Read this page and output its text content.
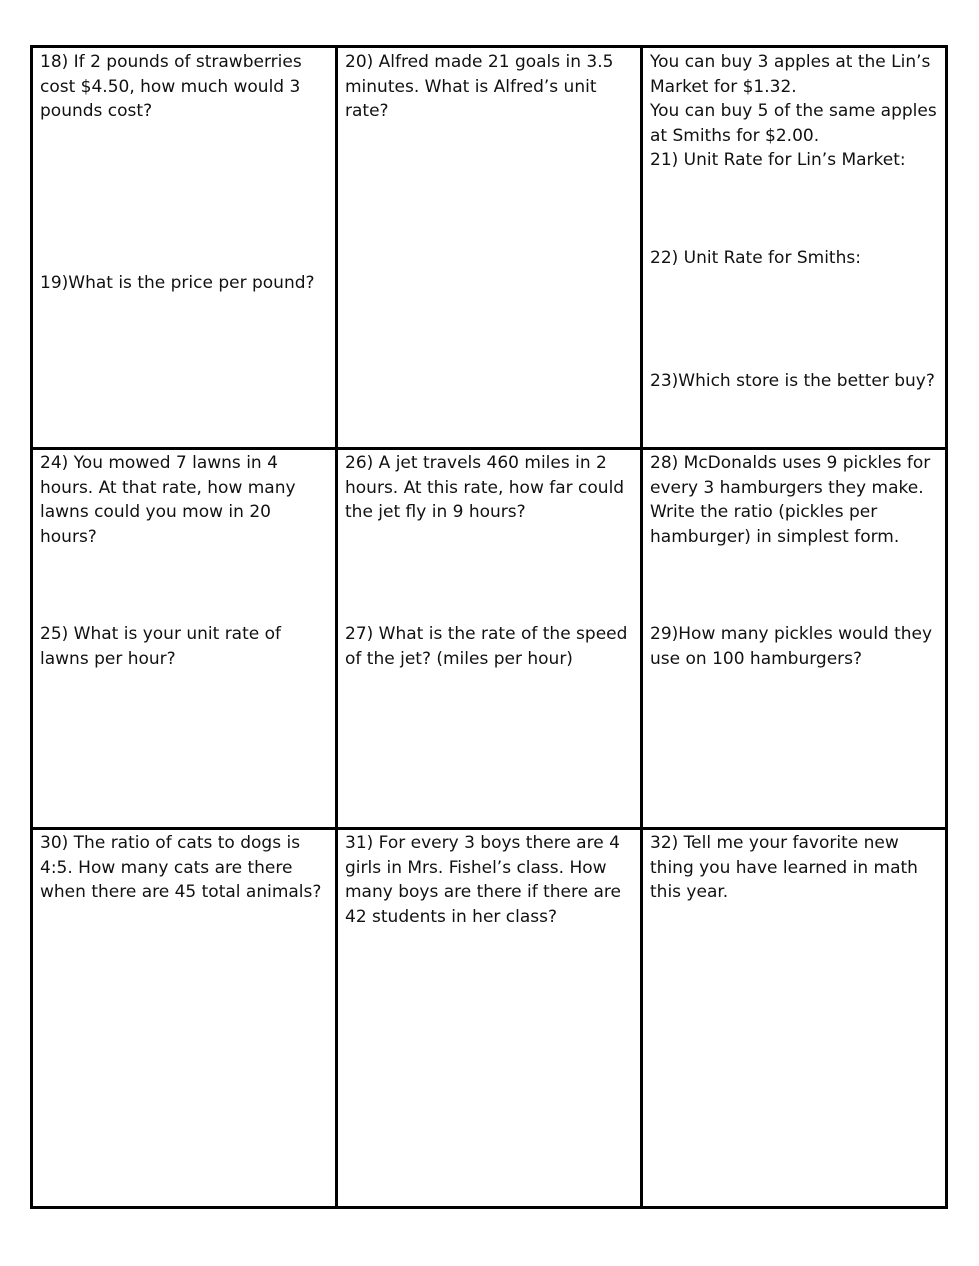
18) If 2 pounds of strawberries cost $4.50, how much would 3 pounds cost?

19)What is the price per pound?

20) Alfred made 21 goals in 3.5 minutes. What is Alfred’s unit rate?

You can buy 3 apples at the Lin’s Market for $1.32.
You can buy 5 of the same apples at Smiths for $2.00.
21) Unit Rate for Lin’s Market:

22) Unit Rate for Smiths:

23)Which store is the better buy?

24) You mowed 7 lawns in 4 hours. At that rate, how many lawns could you mow in 20 hours?

25) What is your unit rate of lawns per hour?

26) A jet travels 460 miles in 2 hours. At this rate, how far could the jet fly in 9 hours?

27) What is the rate of the speed of the jet? (miles per hour)

28) McDonalds uses 9 pickles for every 3 hamburgers they make. Write the ratio (pickles per hamburger) in simplest form.

29)How many pickles would they use on 100 hamburgers?

30) The ratio of cats to dogs is 4:5. How many cats are there when there are 45 total animals?

31) For every 3 boys there are 4 girls in Mrs. Fishel’s class. How many boys are there if there are 42 students in her class?

32) Tell me your favorite new thing you have learned in math this year.
